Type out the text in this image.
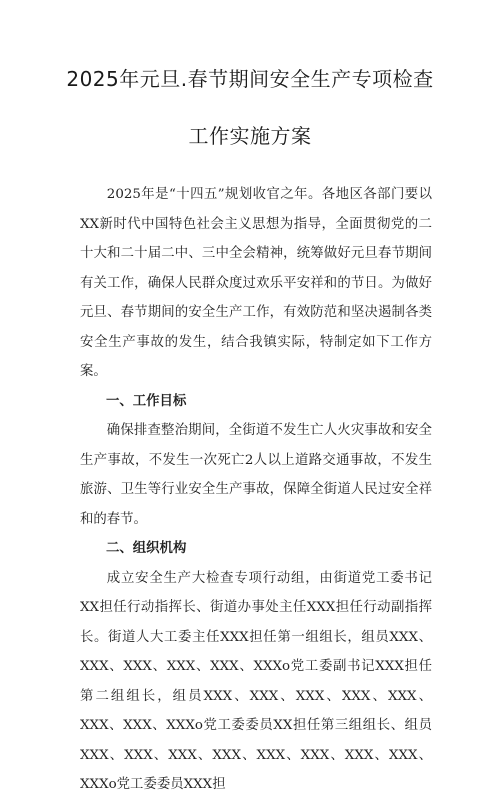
2025年元旦.春节期间安全生产专项检查
工作实施方案

2025年是“十四五”规划收官之年。各地区各部门要以XX新时代中国特色社会主义思想为指导，全面贯彻党的二十大和二十届二中、三中全会精神，统筹做好元旦春节期间有关工作，确保人民群众度过欢乐平安祥和的节日。为做好元旦、春节期间的安全生产工作，有效防范和坚决遏制各类安全生产事故的发生，结合我镇实际，特制定如下工作方案。

一、工作目标

确保排查整治期间，全街道不发生亡人火灾事故和安全生产事故，不发生一次死亡2人以上道路交通事故，不发生旅游、卫生等行业安全生产事故，保障全街道人民过安全祥和的春节。

二、组织机构

成立安全生产大检查专项行动组，由街道党工委书记XX担任行动指挥长、街道办事处主任XXX担任行动副指挥长。街道人大工委主任XXX担任第一组组长，组员XXX、XXX、XXX、XXX、XXX、XXXo党工委副书记XXX担任第二组组长，组员XXX、XXX、XXX、XXX、XXX、XXX、XXX、XXXo党工委委员XX担任第三组组长、组员XXX、XXX、XXX、XXX、XXX、XXX、XXX、XXX、XXXo党工委委员XXX担
